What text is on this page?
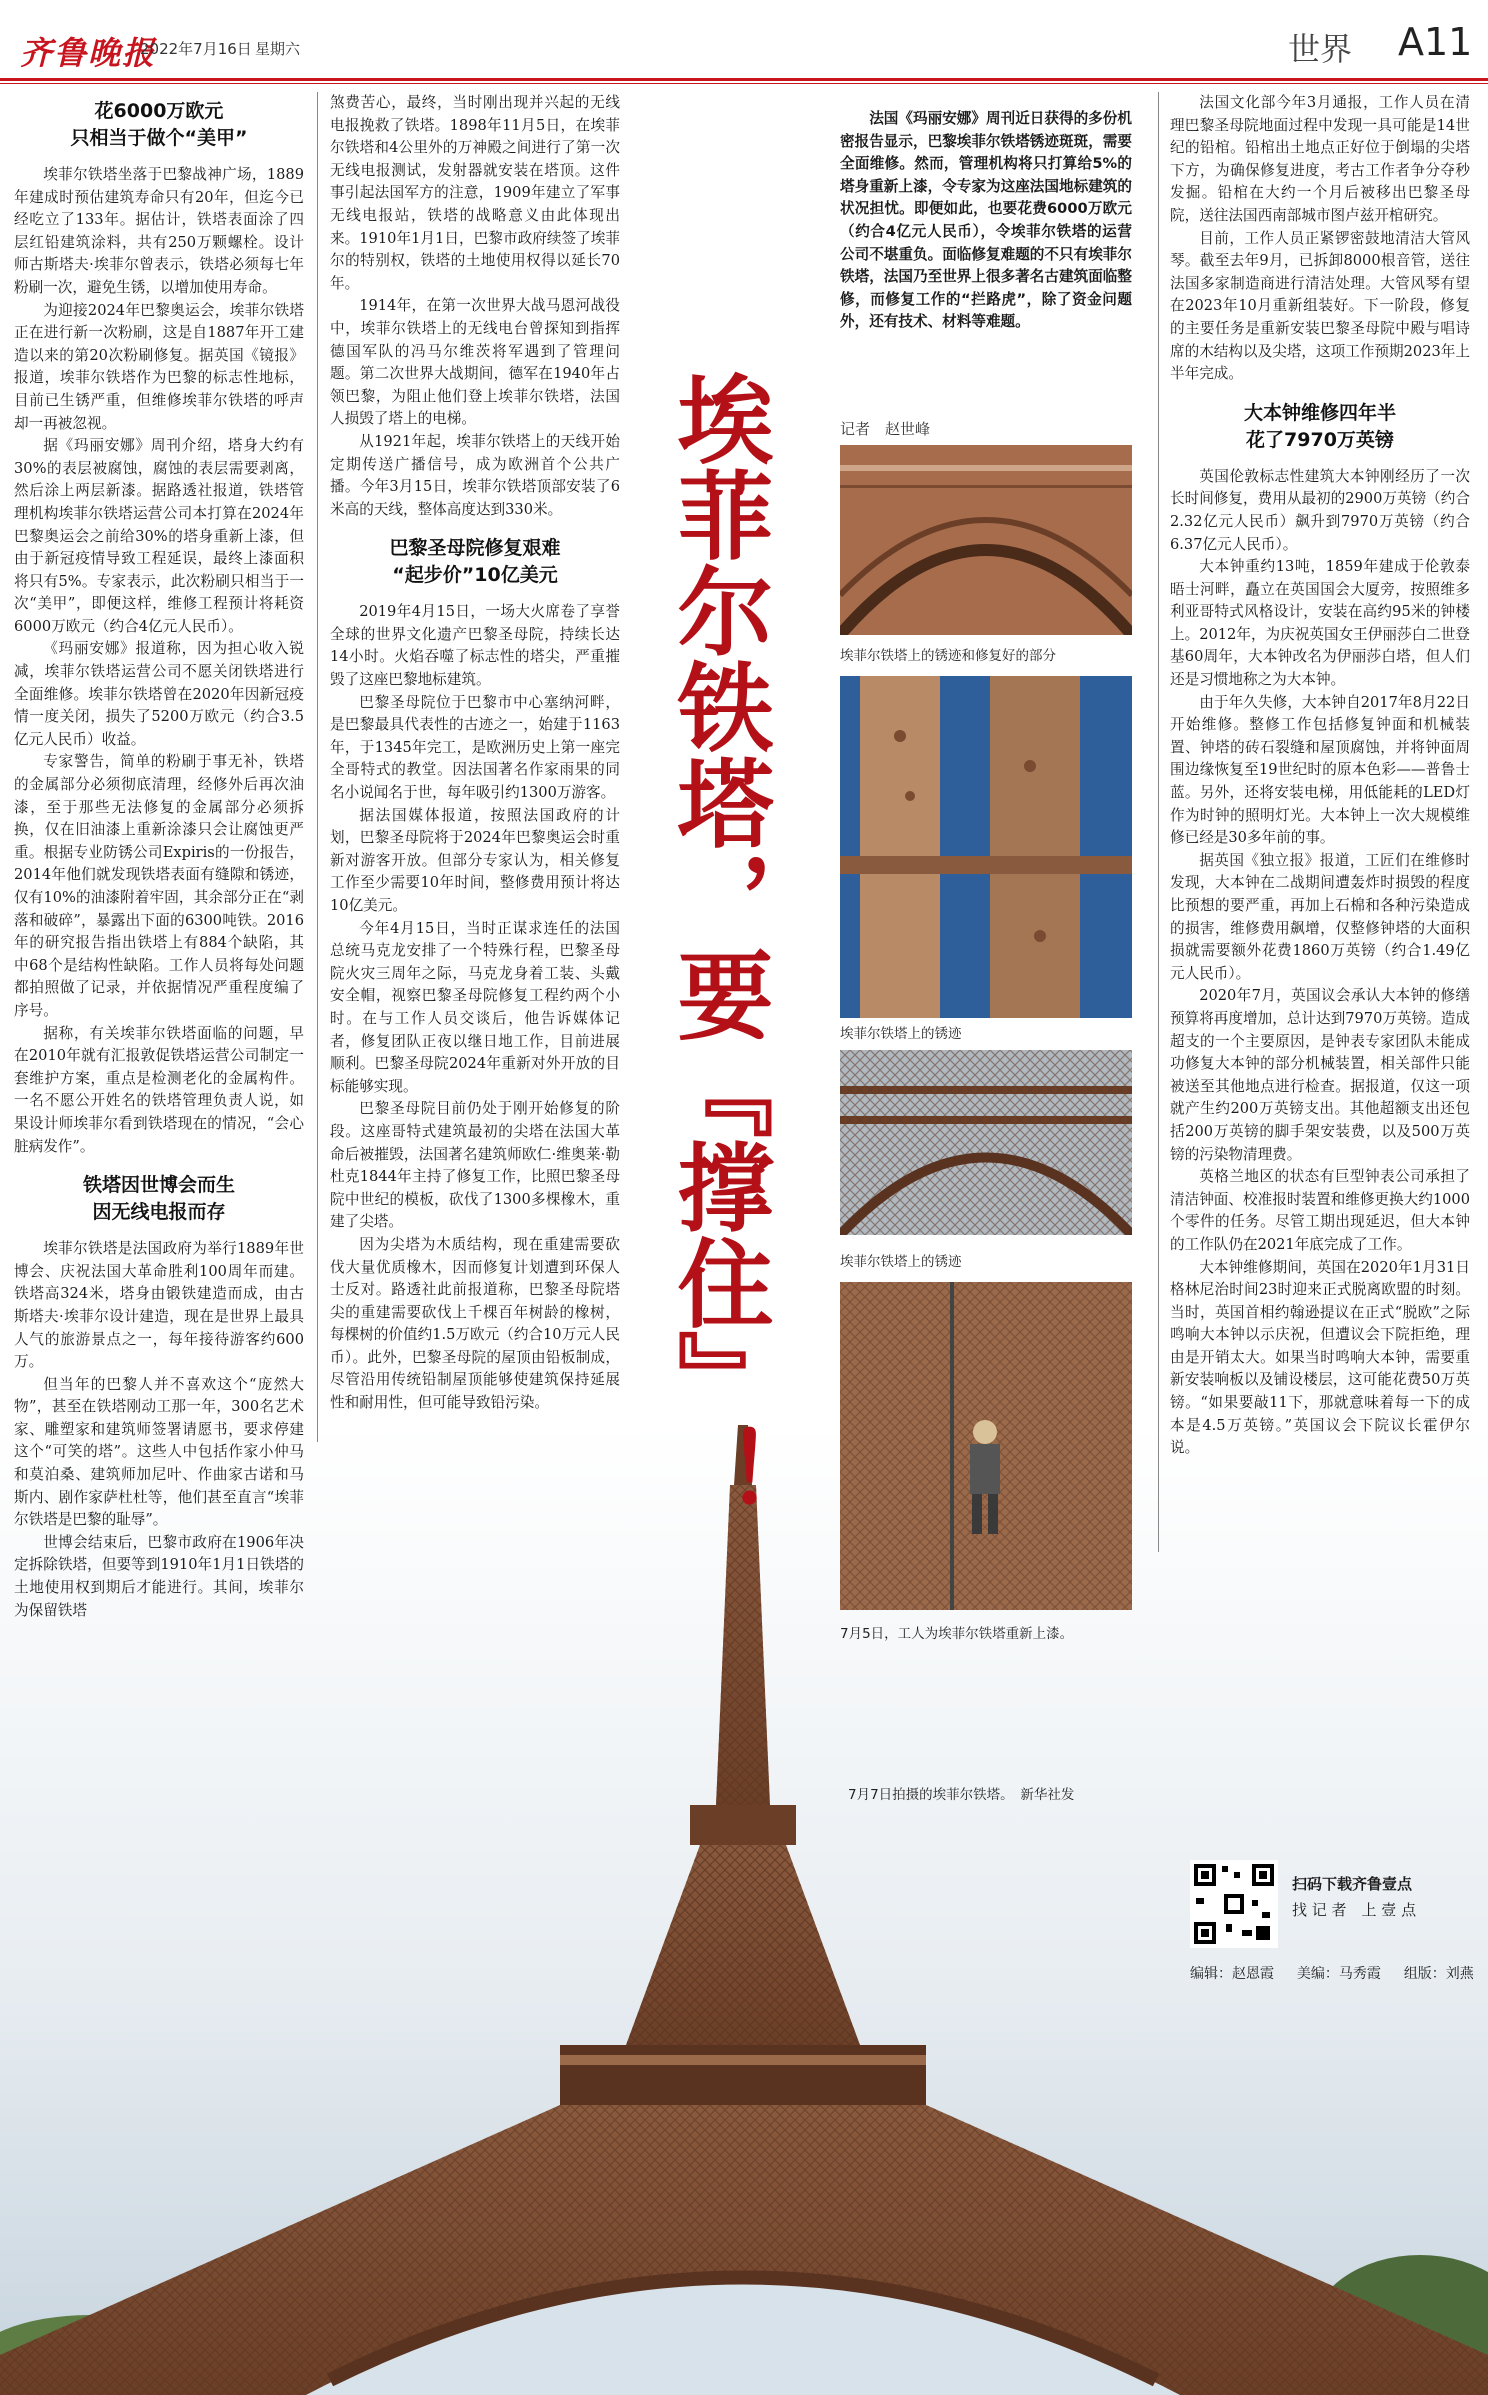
齐鲁晚报
2022年7月16日 星期六	世界 A11
7月7日拍摄的埃菲尔铁塔。　新华社发
花6000万欧元
只相当于做个“美甲”

埃菲尔铁塔坐落于巴黎战神广场，1889年建成时预估建筑寿命只有20年，但迄今已经吃立了133年。据估计，铁塔表面涂了四层红铅建筑涂料，共有250万颗螺栓。设计师古斯塔夫·埃菲尔曾表示，铁塔必须每七年粉刷一次，避免生锈，以增加使用寿命。

为迎接2024年巴黎奥运会，埃菲尔铁塔正在进行新一次粉刷，这是自1887年开工建造以来的第20次粉刷修复。据英国《镜报》报道，埃菲尔铁塔作为巴黎的标志性地标，目前已生锈严重，但维修埃菲尔铁塔的呼声却一再被忽视。

据《玛丽安娜》周刊介绍，塔身大约有30%的表层被腐蚀，腐蚀的表层需要剥离，然后涂上两层新漆。据路透社报道，铁塔管理机构埃菲尔铁塔运营公司本打算在2024年巴黎奥运会之前给30%的塔身重新上漆，但由于新冠疫情导致工程延误，最终上漆面积将只有5%。专家表示，此次粉刷只相当于一次“美甲”，即便这样，维修工程预计将耗资6000万欧元（约合4亿元人民币）。

《玛丽安娜》报道称，因为担心收入锐减，埃菲尔铁塔运营公司不愿关闭铁塔进行全面维修。埃菲尔铁塔曾在2020年因新冠疫情一度关闭，损失了5200万欧元（约合3.5亿元人民币）收益。

专家警告，简单的粉刷于事无补，铁塔的金属部分必须彻底清理，经修外后再次油漆，至于那些无法修复的金属部分必须拆换，仅在旧油漆上重新涂漆只会让腐蚀更严重。根据专业防锈公司Expiris的一份报告，2014年他们就发现铁塔表面有缝隙和锈迹，仅有10%的油漆附着牢固，其余部分正在“剥落和破碎”，暴露出下面的6300吨铁。2016年的研究报告指出铁塔上有884个缺陷，其中68个是结构性缺陷。工作人员将每处问题都拍照做了记录，并依据情况严重程度编了序号。

据称，有关埃菲尔铁塔面临的问题，早在2010年就有汇报敦促铁塔运营公司制定一套维护方案，重点是检测老化的金属构件。一名不愿公开姓名的铁塔管理负责人说，如果设计师埃菲尔看到铁塔现在的情况，“会心脏病发作”。

铁塔因世博会而生
因无线电报而存

埃菲尔铁塔是法国政府为举行1889年世博会、庆祝法国大革命胜利100周年而建。铁塔高324米，塔身由锻铁建造而成，由古斯塔夫·埃菲尔设计建造，现在是世界上最具人气的旅游景点之一，每年接待游客约600万。

但当年的巴黎人并不喜欢这个“庞然大物”，甚至在铁塔刚动工那一年，300名艺术家、雕塑家和建筑师签署请愿书，要求停建这个“可笑的塔”。这些人中包括作家小仲马和莫泊桑、建筑师加尼叶、作曲家古诺和马斯内、剧作家萨杜杜等，他们甚至直言“埃菲尔铁塔是巴黎的耻辱”。

世博会结束后，巴黎市政府在1906年决定拆除铁塔，但要等到1910年1月1日铁塔的土地使用权到期后才能进行。其间，埃菲尔为保留铁塔

煞费苦心，最终，当时刚出现并兴起的无线电报挽救了铁塔。1898年11月5日，在埃菲尔铁塔和4公里外的万神殿之间进行了第一次无线电报测试，发射器就安装在塔顶。这件事引起法国军方的注意，1909年建立了军事无线电报站，铁塔的战略意义由此体现出来。1910年1月1日，巴黎市政府续签了埃菲尔的特别权，铁塔的土地使用权得以延长70年。

1914年，在第一次世界大战马恩河战役中，埃菲尔铁塔上的无线电台曾探知到指挥德国军队的冯马尔维茨将军遇到了管理问题。第二次世界大战期间，德军在1940年占领巴黎，为阻止他们登上埃菲尔铁塔，法国人损毁了塔上的电梯。

从1921年起，埃菲尔铁塔上的天线开始定期传送广播信号，成为欧洲首个公共广播。今年3月15日，埃菲尔铁塔顶部安装了6米高的天线，整体高度达到330米。

巴黎圣母院修复艰难
“起步价”10亿美元

2019年4月15日，一场大火席卷了享誉全球的世界文化遗产巴黎圣母院，持续长达14小时。火焰吞噬了标志性的塔尖，严重摧毁了这座巴黎地标建筑。

巴黎圣母院位于巴黎市中心塞纳河畔，是巴黎最具代表性的古迹之一，始建于1163年，于1345年完工，是欧洲历史上第一座完全哥特式的教堂。因法国著名作家雨果的同名小说闻名于世，每年吸引约1300万游客。

据法国媒体报道，按照法国政府的计划，巴黎圣母院将于2024年巴黎奥运会时重新对游客开放。但部分专家认为，相关修复工作至少需要10年时间，整修费用预计将达10亿美元。

今年4月15日，当时正谋求连任的法国总统马克龙安排了一个特殊行程，巴黎圣母院火灾三周年之际，马克龙身着工装、头戴安全帽，视察巴黎圣母院修复工程约两个小时。在与工作人员交谈后，他告诉媒体记者，修复团队正夜以继日地工作，目前进展顺利。巴黎圣母院2024年重新对外开放的目标能够实现。

巴黎圣母院目前仍处于刚开始修复的阶段。这座哥特式建筑最初的尖塔在法国大革命后被摧毁，法国著名建筑师欧仁·维奥莱·勒杜克1844年主持了修复工作，比照巴黎圣母院中世纪的模板，砍伐了1300多棵橡木，重建了尖塔。

因为尖塔为木质结构，现在重建需要砍伐大量优质橡木，因而修复计划遭到环保人士反对。路透社此前报道称，巴黎圣母院塔尖的重建需要砍伐上千棵百年树龄的橡树，每棵树的价值约1.5万欧元（约合10万元人民币）。此外，巴黎圣母院的屋顶由铅板制成，尽管沿用传统铅制屋顶能够使建筑保持延展性和耐用性，但可能导致铅污染。	埃菲尔铁塔，要『撑住』！

法国《玛丽安娜》周刊近日获得的多份机密报告显示，巴黎埃菲尔铁塔锈迹斑斑，需要全面维修。然而，管理机构将只打算给5%的塔身重新上漆，令专家为这座法国地标建筑的状况担忧。即便如此，也要花费6000万欧元（约合4亿元人民币），令埃菲尔铁塔的运营公司不堪重负。面临修复难题的不只有埃菲尔铁塔，法国乃至世界上很多著名古建筑面临整修，而修复工作的“拦路虎”，除了资金问题外，还有技术、材料等难题。

记者　赵世峰
埃菲尔铁塔上的锈迹和修复好的部分
埃菲尔铁塔上的锈迹
埃菲尔铁塔上的锈迹
7月5日，工人为埃菲尔铁塔重新上漆。

法国文化部今年3月通报，工作人员在清理巴黎圣母院地面过程中发现一具可能是14世纪的铅棺。铅棺出土地点正好位于倒塌的尖塔下方，为确保修复进度，考古工作者争分夺秒发掘。铅棺在大约一个月后被移出巴黎圣母院，送往法国西南部城市图卢兹开棺研究。

目前，工作人员正紧锣密鼓地清洁大管风琴。截至去年9月，已拆卸8000根音管，送往法国多家制造商进行清洁处理。大管风琴有望在2023年10月重新组装好。下一阶段，修复的主要任务是重新安装巴黎圣母院中殿与唱诗席的木结构以及尖塔，这项工作预期2023年上半年完成。

大本钟维修四年半
花了7970万英镑

英国伦敦标志性建筑大本钟刚经历了一次长时间修复，费用从最初的2900万英镑（约合2.32亿元人民币）飙升到7970万英镑（约合6.37亿元人民币）。

大本钟重约13吨，1859年建成于伦敦泰晤士河畔，矗立在英国国会大厦旁，按照维多利亚哥特式风格设计，安装在高约95米的钟楼上。2012年，为庆祝英国女王伊丽莎白二世登基60周年，大本钟改名为伊丽莎白塔，但人们还是习惯地称之为大本钟。

由于年久失修，大本钟自2017年8月22日开始维修。整修工作包括修复钟面和机械装置、钟塔的砖石裂缝和屋顶腐蚀，并将钟面周围边缘恢复至19世纪时的原本色彩——普鲁士蓝。另外，还将安装电梯，用低能耗的LED灯作为时钟的照明灯光。大本钟上一次大规模维修已经是30多年前的事。

据英国《独立报》报道，工匠们在维修时发现，大本钟在二战期间遭轰炸时损毁的程度比预想的要严重，再加上石棉和各种污染造成的损害，维修费用飙增，仅整修钟塔的大面积损就需要额外花费1860万英镑（约合1.49亿元人民币）。

2020年7月，英国议会承认大本钟的修缮预算将再度增加，总计达到7970万英镑。造成超支的一个主要原因，是钟表专家团队未能成功修复大本钟的部分机械装置，相关部件只能被送至其他地点进行检查。据报道，仅这一项就产生约200万英镑支出。其他超额支出还包括200万英镑的脚手架安装费，以及500万英镑的污染物清理费。

英格兰地区的状态有巨型钟表公司承担了清洁钟面、校准报时装置和维修更换大约1000个零件的任务。尽管工期出现延迟，但大本钟的工作队仍在2021年底完成了工作。

大本钟维修期间，英国在2020年1月31日格林尼治时间23时迎来正式脱离欧盟的时刻。当时，英国首相约翰逊提议在正式“脱欧”之际鸣响大本钟以示庆祝，但遭议会下院拒绝，理由是开销太大。如果当时鸣响大本钟，需要重新安装响板以及铺设楼层，这可能花费50万英镑。“如果要敲11下，那就意味着每一下的成本是4.5万英镑。”英国议会下院议长霍伊尔说。

扫码下载齐鲁壹点
找 记 者　上 壹 点
编辑：赵恩霞 美编：马秀霞 组版：刘燕
